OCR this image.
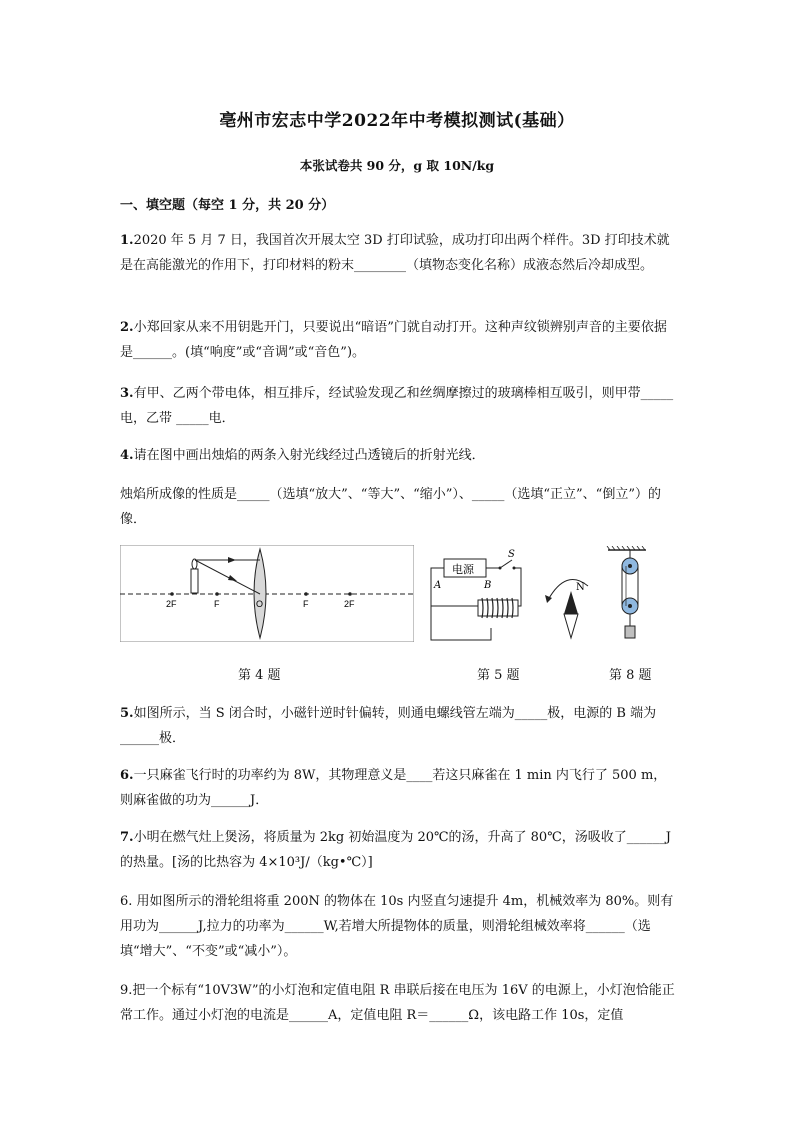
亳州市宏志中学2022年中考模拟测试(基础）
本张试卷共 90 分，g 取 10N/kg
一、填空题（每空 1 分，共 20 分）
1.2020 年 5 月 7 日，我国首次开展太空 3D 打印试验，成功打印出两个样件。3D 打印技术就是在高能激光的作用下，打印材料的粉末________（填物态变化名称）成液态然后冷却成型。
2.小郑回家从来不用钥匙开门，只要说出“暗语”门就自动打开。这种声纹锁辨别声音的主要依据是______。(填“响度”或“音调”或“音色”)。
3.有甲、乙两个带电体，相互排斥，经试验发现乙和丝绸摩擦过的玻璃棒相互吸引，则甲带_____电，乙带 _____电．
4.请在图中画出烛焰的两条入射光线经过凸透镜后的折射光线．
烛焰所成像的性质是_____（选填“放大”、“等大”、“缩小”）、_____（选填“正立”、“倒立”）的像．
2F	F	O	F	2F
电源
S
A	B	N
第 4 题	第 5 题	第 8 题
5.如图所示，当 S 闭合时，小磁针逆时针偏转，则通电螺线管左端为_____极，电源的 B 端为______极．
6.一只麻雀飞行时的功率约为 8W，其物理意义是____若这只麻雀在 1 min 内飞行了 500 m，则麻雀做的功为______J．
7.小明在燃气灶上煲汤，将质量为 2kg 初始温度为 20℃的汤，升高了 80℃，汤吸收了______J 的热量。[汤的比热容为 4×10³J/（kg•℃）]
6. 用如图所示的滑轮组将重 200N 的物体在 10s 内竖直匀速提升 4m，机械效率为 80%。则有用功为______J,拉力的功率为______W,若增大所提物体的质量，则滑轮组械效率将______（选填“增大”、“不变”或“减小”）。
9.把一个标有“10V3W”的小灯泡和定值电阻 R 串联后接在电压为 16V 的电源上，小灯泡恰能正常工作。通过小灯泡的电流是______A，定值电阻 R＝______Ω，该电路工作 10s，定值
